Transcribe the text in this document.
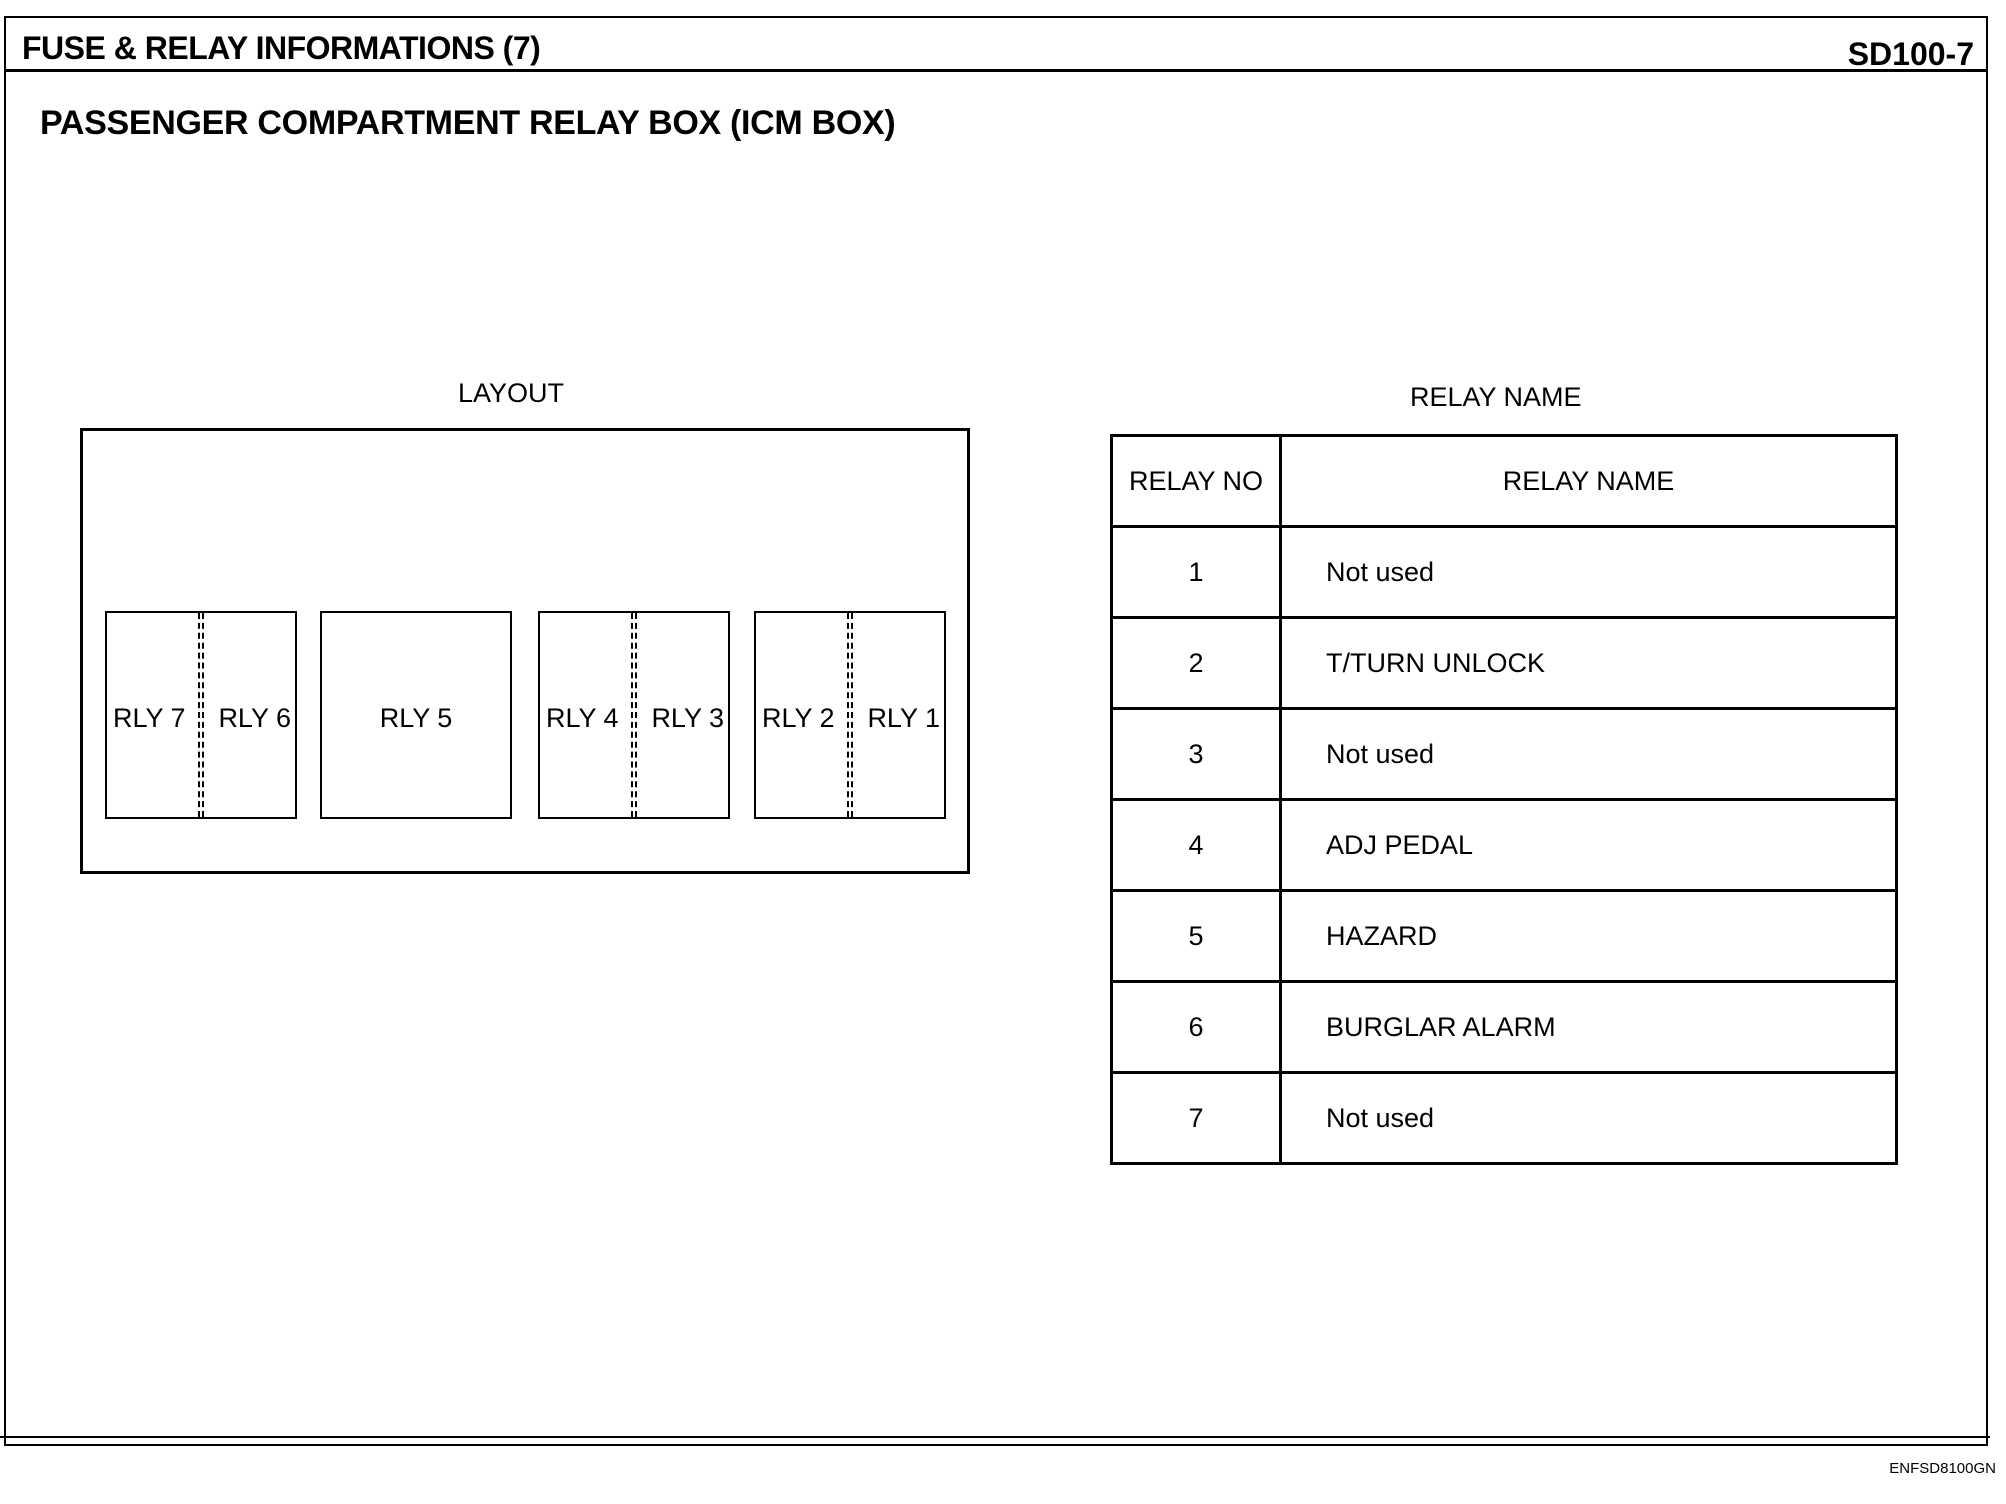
FUSE & RELAY INFORMATIONS (7)	SD100-7
PASSENGER COMPARTMENT RELAY BOX (ICM BOX)
LAYOUT
RLY 7 RLY 6	RLY 5	RLY 4 RLY 3 RLY 2 RLY 1
RELAY NAME
RELAY NO	RELAY NAME
1	Not used
2	T/TURN UNLOCK
3	Not used
4	ADJ PEDAL
5	HAZARD
6	BURGLAR ALARM
7	Not used
ENFSD8100GN
